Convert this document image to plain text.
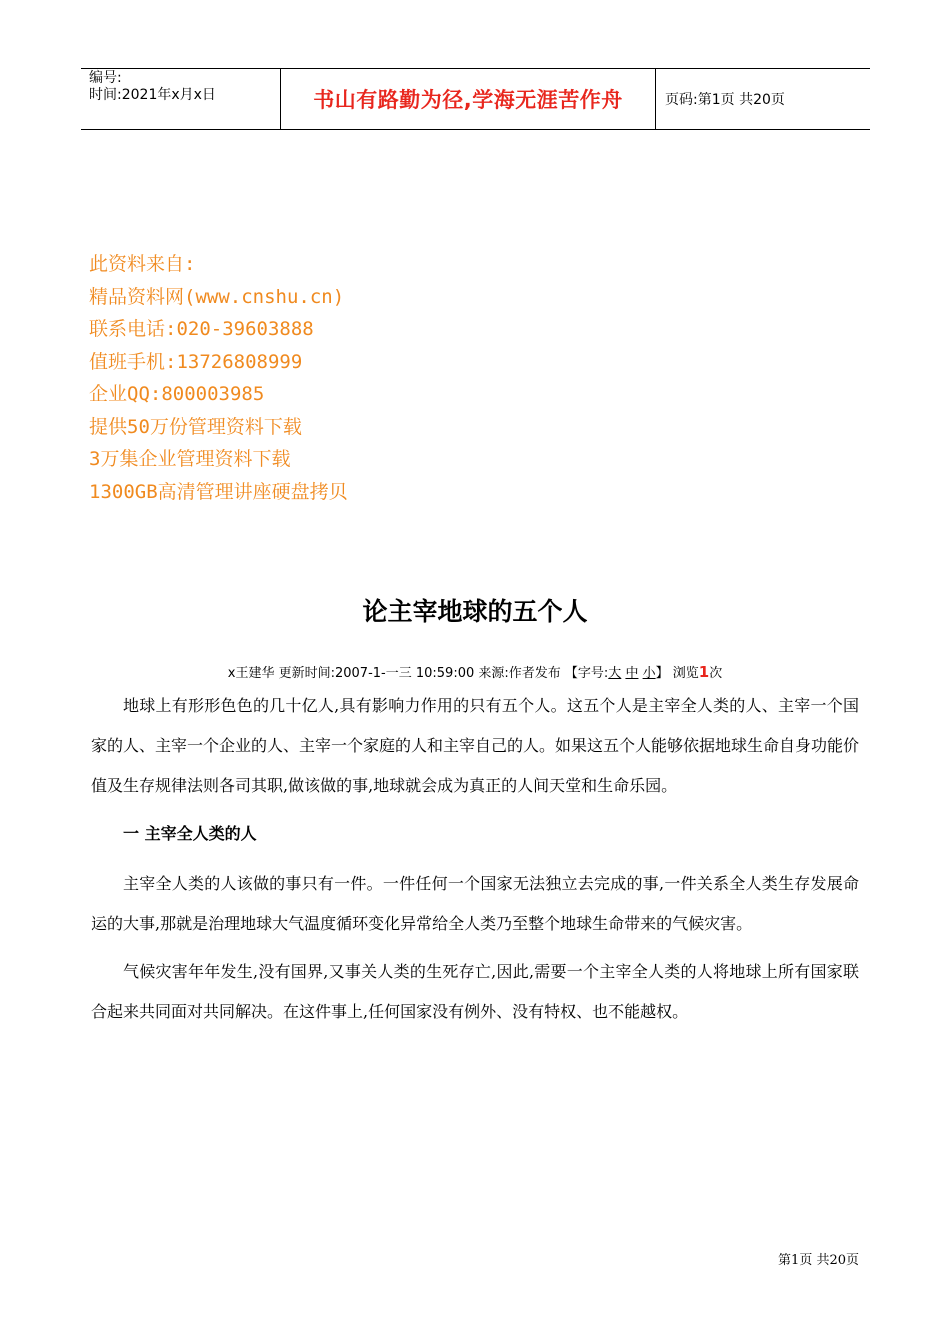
编号:
时间:2021年x月x日	书山有路勤为径,学海无涯苦作舟	页码:第1页 共20页
此资料来自:
精品资料网(www.cnshu.cn)
联系电话:020-39603888
值班手机:13726808999
企业QQ:800003985
提供50万份管理资料下载
3万集企业管理资料下载
1300GB高清管理讲座硬盘拷贝
论主宰地球的五个人
x王建华 更新时间:2007-1-一三 10:59:00 来源:作者发布 【字号:大 中 小】 浏览1次

地球上有形形色色的几十亿人,具有影响力作用的只有五个人。这五个人是主宰全人类的人、主宰一个国家的人、主宰一个企业的人、主宰一个家庭的人和主宰自己的人。如果这五个人能够依据地球生命自身功能价值及生存规律法则各司其职,做该做的事,地球就会成为真正的人间天堂和生命乐园。

一 主宰全人类的人

主宰全人类的人该做的事只有一件。一件任何一个国家无法独立去完成的事,一件关系全人类生存发展命运的大事,那就是治理地球大气温度循环变化异常给全人类乃至整个地球生命带来的气候灾害。

气候灾害年年发生,没有国界,又事关人类的生死存亡,因此,需要一个主宰全人类的人将地球上所有国家联合起来共同面对共同解决。在这件事上,任何国家没有例外、没有特权、也不能越权。

第1页 共20页
